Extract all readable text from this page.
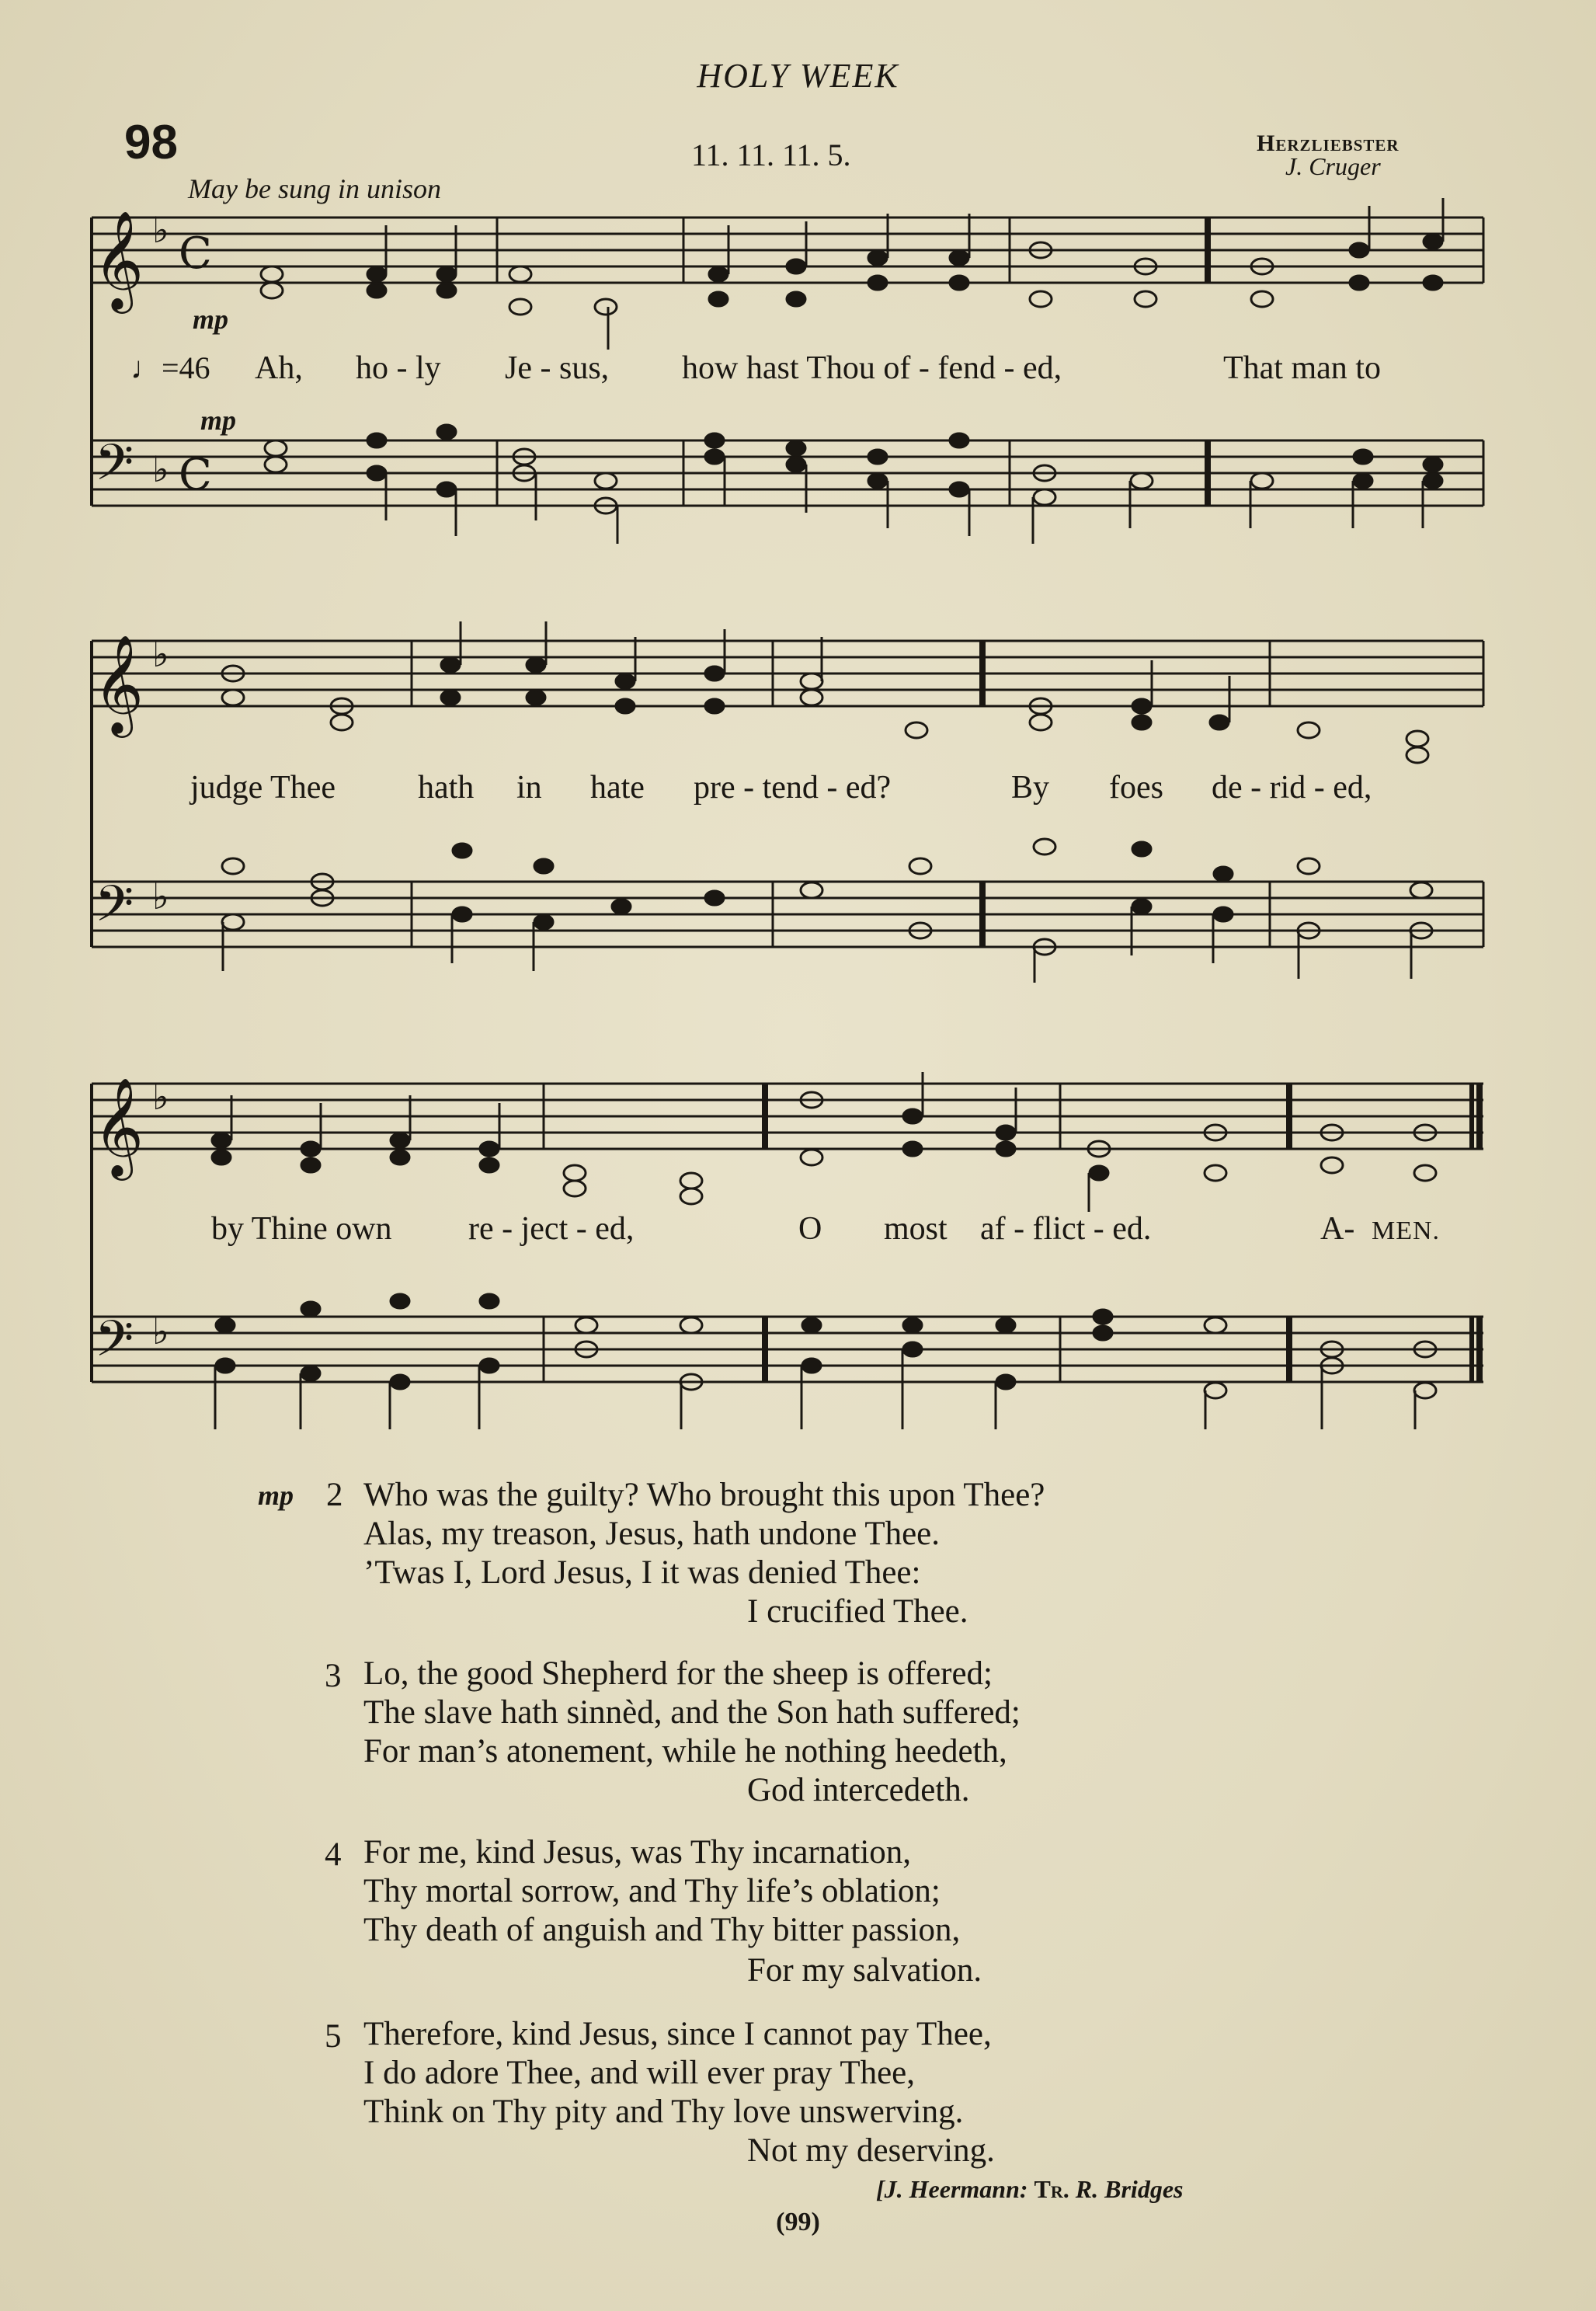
HOLY WEEK
98	11. 11. 11. 5.	Herzliebster
J. Cruger
May be sung in unison
𝄞
𝄢
𝄞
𝄢
𝄞
𝄢
♭
♭
♭
♭
♭
♭
C
C
mp
♩=46
mp
Ah, ho - ly Je - sus, how hast Thou of - fend - ed,	That man to
judge Thee	hath in hate pre - tend - ed?	By foes de - rid - ed,
by Thine own re - ject - ed,	O most af - flict - ed.	A- MEN.
mp 2 Who was the guilty? Who brought this upon Thee?
Alas, my treason, Jesus, hath undone Thee.
’Twas I, Lord Jesus, I it was denied Thee:
I crucified Thee.
3 Lo, the good Shepherd for the sheep is offered;
The slave hath sinnèd, and the Son hath suffered;
For man’s atonement, while he nothing heedeth,
God intercedeth.
4 For me, kind Jesus, was Thy incarnation,
Thy mortal sorrow, and Thy life’s oblation;
Thy death of anguish and Thy bitter passion,
For my salvation.
5 Therefore, kind Jesus, since I cannot pay Thee,
I do adore Thee, and will ever pray Thee,
Think on Thy pity and Thy love unswerving.
Not my deserving.
[J. Heermann: Tr. R. Bridges
(99)
